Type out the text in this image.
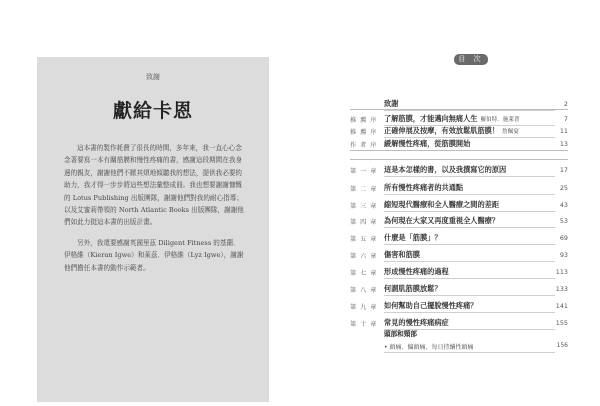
致謝
獻給卡恩

這本書的製作耗費了很長的時間，多年來，我一直心心念念著要寫一本有關筋膜和慢性疼痛的書，感謝這段期間在我身邊的親友，謝謝他們不厭其煩地傾聽我的想法，提供我必要的助力，我才得一步步將這些想法彙整成冊。我也想要謝謝慷慨的 Lotus Publishing 出版團隊，謝謝他們對我的耐心指導；以及艾蜜莉帶領的 North Atlantic Books 出版團隊，謝謝他們如此力挺這本書的出版計畫。

另外，我還要感謝英國里茲 Diligent Fitness 的基蘭．伊格維（Kieran Igwe）和萊茲．伊格維（Lyz Igwe），謝謝他們擔任本書的動作示範者。

目 次
致謝	2
推 薦 序 了解筋膜，才能邁向無痛人生 羅伯特．施萊普	7
推 薦 序 正確伸展及按摩，有效放鬆肌筋膜！ 詹佩宴	11
作 者 序 緩解慢性疼痛，從筋膜開始	13
第 一 章 這是本怎樣的書，以及我撰寫它的原因	17
第 二 章 所有慢性疼痛者的共通點	25
第 三 章 縮短現代醫療和全人醫療之間的差距	43
第 四 章 為何現在大家又再度重視全人醫療？	53
第 五 章 什麼是「筋膜」？	69
第 六 章 傷害和筋膜	93
第 七 章 形成慢性疼痛的過程	113
第 八 章 何謂肌筋膜放鬆？	133
第 九 章 如何幫助自己擺脫慢性疼痛？	141
第 十 章 常見的慢性疼痛病症	155
頭部和頸部
• 頭痛、偏頭痛、每日持續性頭痛	156
